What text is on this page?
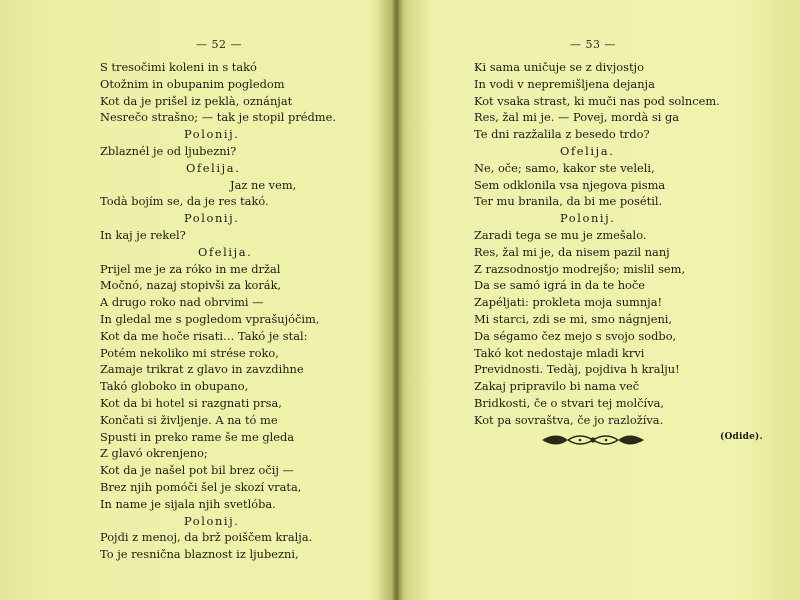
— 52 —
S tresočimi koleni in s takó
Otožnim in obupanim pogledom
Kot da je prišel iz peklà, oznánjat
Nesrečo strašno; — tak je stopil prédme.
Polonij.
Zblaznél je od ljubezni?
Ofelija.
Jaz ne vem,
Todà bojím se, da je res takó.
Polonij.
In kaj je rekel?
Ofelija.
Prijel me je za róko in me držal
Močnó, nazaj stopivši za korák,
A drugo roko nad obrvimi —
In gledal me s pogledom vprašujóčim,
Kot da me hoče risati… Takó je stal:
Potém nekoliko mi strése roko,
Zamaje trikrat z glavo in zavzdihne
Takó globoko in obupano,
Kot da bi hotel si razgnati prsa,
Končati si življenje. A na tó me
Spusti in preko rame še me gleda
Z glavó okrenjeno;
Kot da je našel pot bil brez očij —
Brez njih pomóči šel je skozí vrata,
In name je sijala njih svetlóba.
Polonij.
Pojdi z menoj, da brž poiščem kralja.
To je resnična blaznost iz ljubezni,
— 53 —
Ki sama uničuje se z divjostjo
In vodi v nepremišljena dejanja
Kot vsaka strast, ki muči nas pod solncem.
Res, žal mi je. — Povej, mordà si ga
Te dni razžalila z besedo trdo?
Ofelija.
Ne, oče; samo, kakor ste veleli,
Sem odklonila vsa njegova pisma
Ter mu branila, da bi me posétil.
Polonij.
Zaradi tega se mu je zmešalo.
Res, žal mi je, da nisem pazil nanj
Z razsodnostjo modrejšo; mislil sem,
Da se samó igrá in da te hoče
Zapéljati: prokleta moja sumnja!
Mi starci, zdi se mi, smo nágnjeni,
Da ségamo čez mejo s svojo sodbo,
Takó kot nedostaje mladi krvi
Previdnosti. Tedàj, pojdiva h kralju!
Zakaj pripravilo bi nama več
Bridkosti, če o stvari tej molčíva,
Kot pa sovraštva, če jo razložíva.
(Odide).
